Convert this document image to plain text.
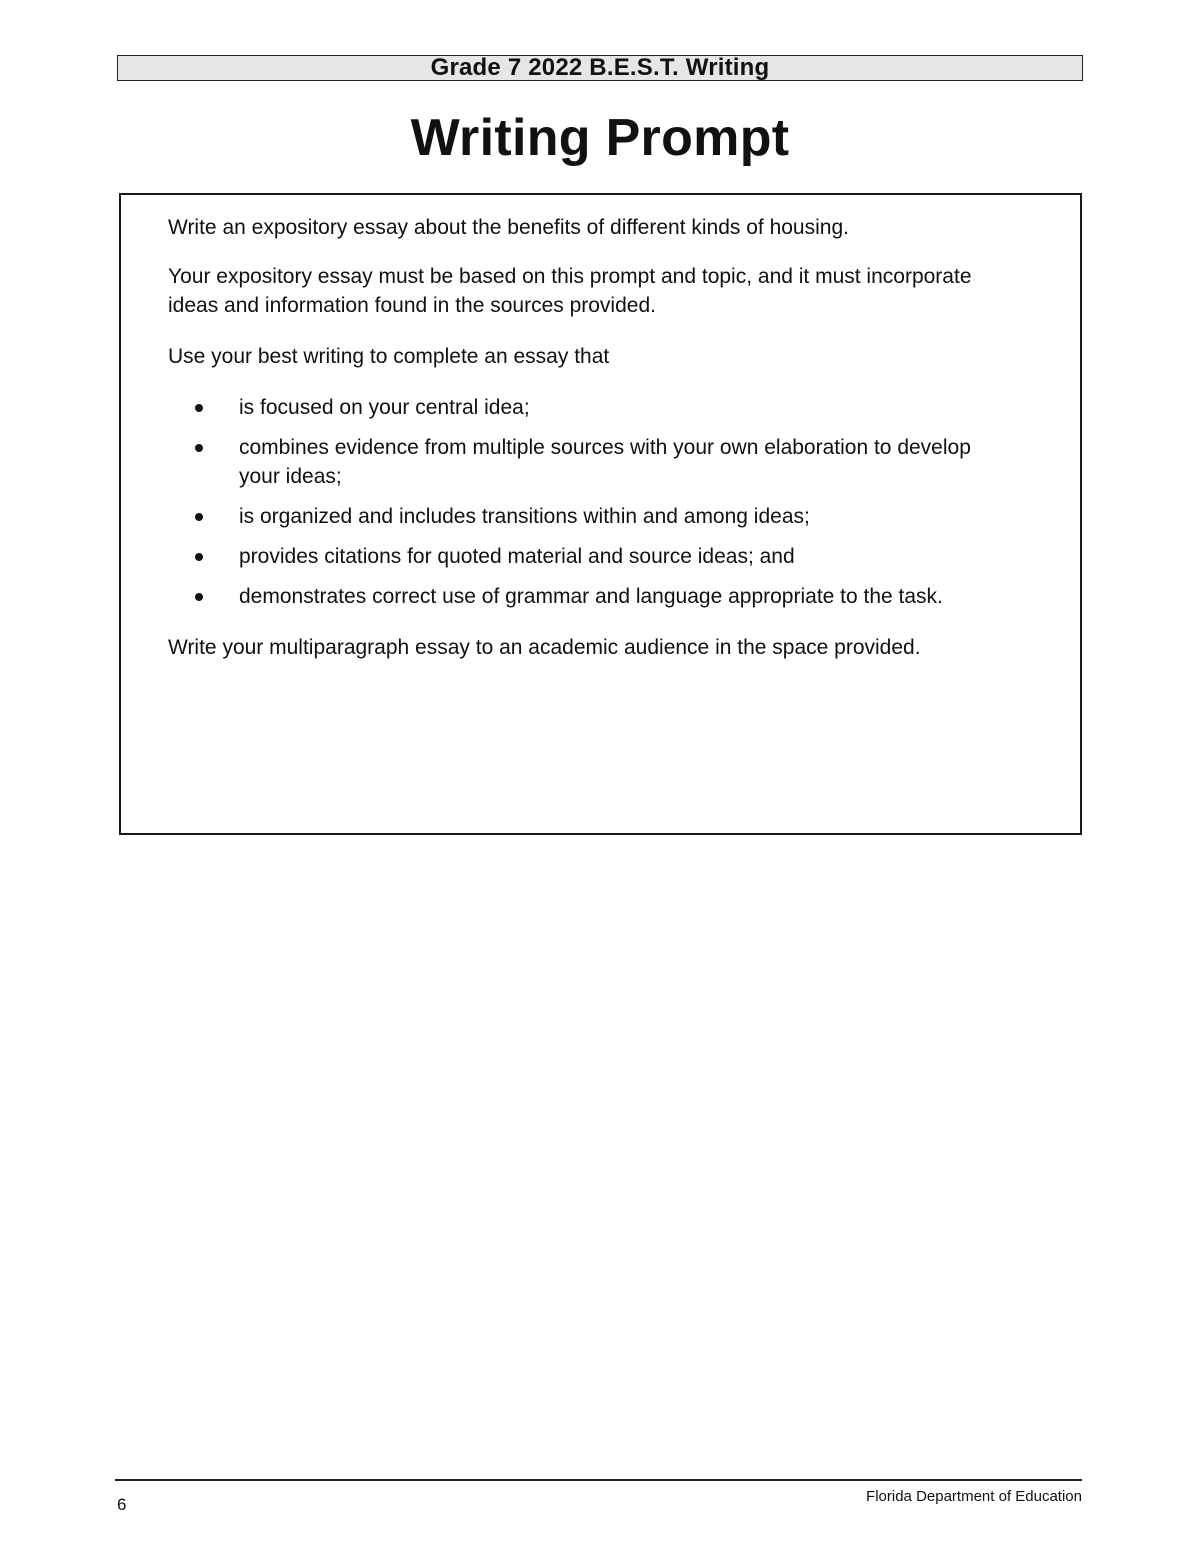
Grade 7 2022 B.E.S.T. Writing
Writing Prompt

Write an expository essay about the benefits of different kinds of housing.

Your expository essay must be based on this prompt and topic, and it must incorporate ideas and information found in the sources provided.

Use your best writing to complete an essay that

is focused on your central idea;
combines evidence from multiple sources with your own elaboration to develop your ideas;
is organized and includes transitions within and among ideas;
provides citations for quoted material and source ideas; and
demonstrates correct use of grammar and language appropriate to the task.

Write your multiparagraph essay to an academic audience in the space provided.

6	Florida Department of Education
